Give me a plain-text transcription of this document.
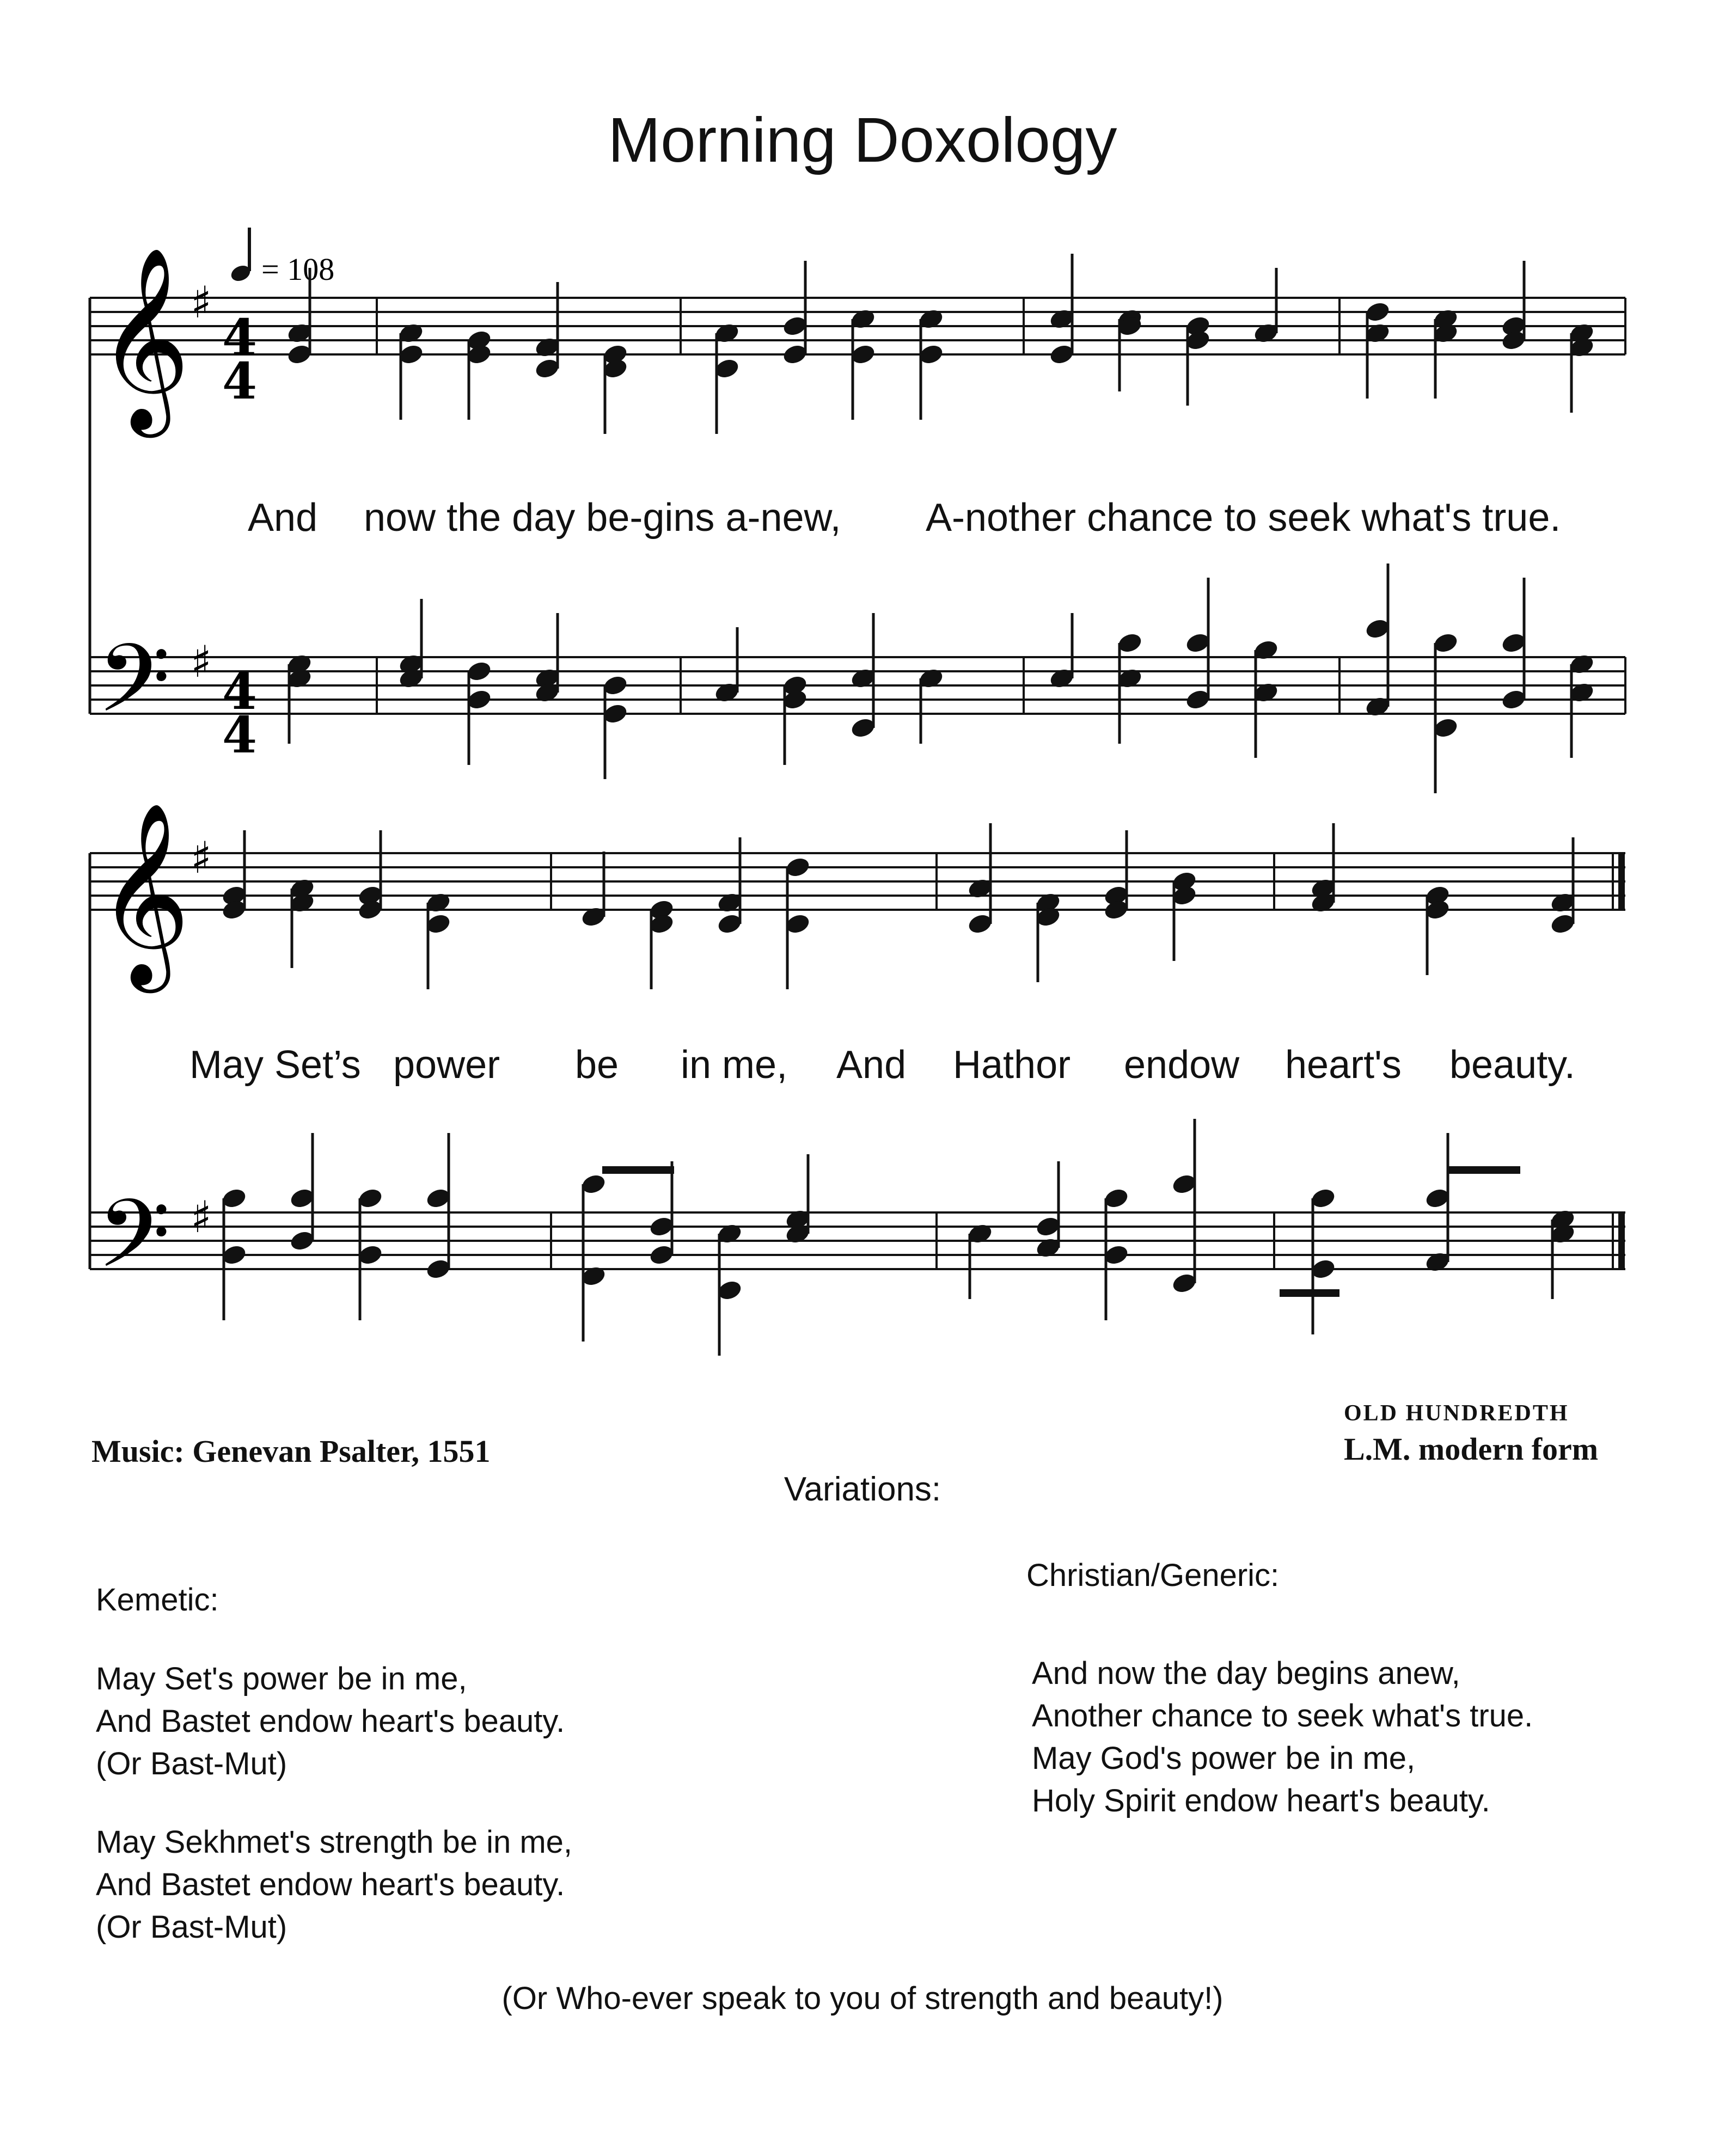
Morning Doxology
𝄞
𝄢
𝄞
𝄢
♯
♯
♯
♯
4
4
4
4
= 108
And now the day be-gins a-new, A-nother chance to seek what's true.
May Set’s power be in me, And Hathor endow heart's beauty.
OLD HUNDREDTH
Music: Genevan Psalter, 1551	L.M. modern form
Variations:
Kemetic:
May Set's power be in me,
And Bastet endow heart's beauty.
(Or Bast-Mut)
May Sekhmet's strength be in me,
And Bastet endow heart's beauty.
(Or Bast-Mut)
Christian/Generic:
And now the day begins anew,
Another chance to seek what's true.
May God's power be in me,
Holy Spirit endow heart's beauty.
(Or Who-ever speak to you of strength and beauty!)
